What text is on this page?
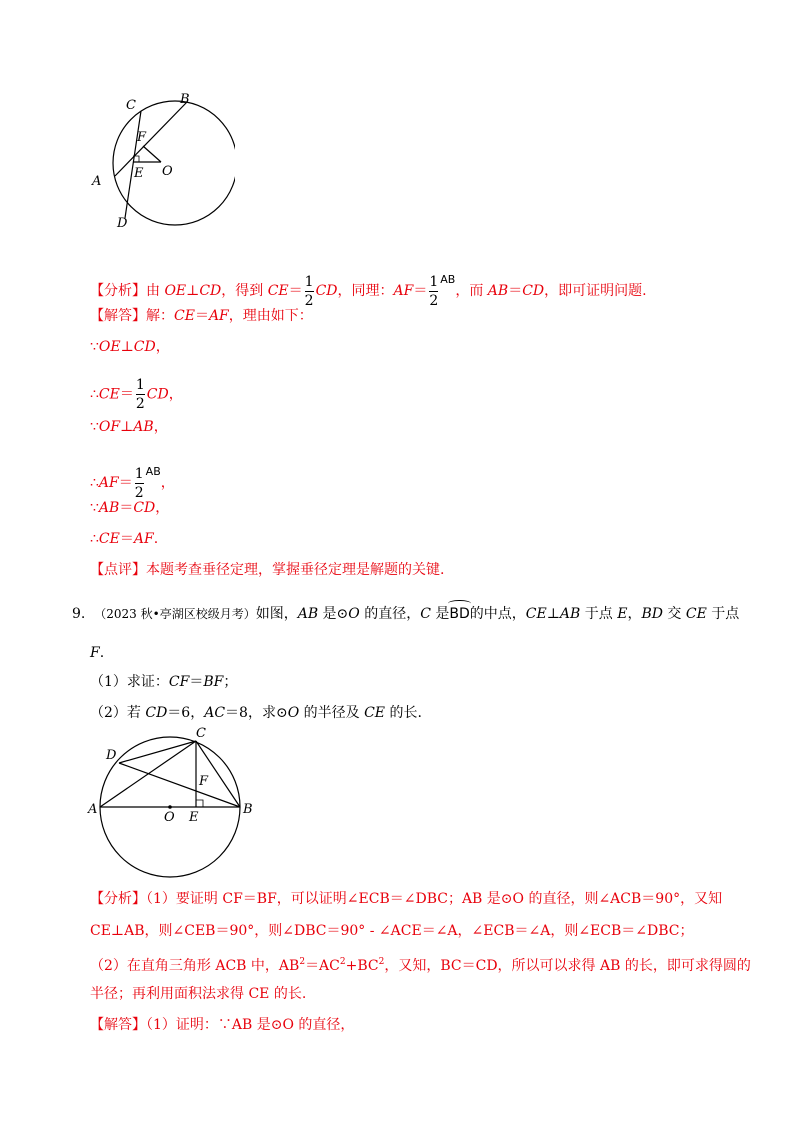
C	B
F
A
E O
D
【分析】由 OE⊥CD，得到 $CE= \frac{1}{2}$ CD，同理：$AF= \frac{1}{2} ^{AB}$，而 AB＝CD，即可证明问题.
【解答】解：CE＝AF，理由如下：
∵OE⊥CD，
∴CE＝ $\frac{1}{2}$ CD，
∵OF⊥AB，
∴AF＝ $\frac{1}{2} ^{AB}$，
∵AB＝CD，
∴CE＝AF.
【点评】本题考查垂径定理，掌握垂径定理是解题的关键.
9. （2023 秋•亭湖区校级月考）如图，AB 是⊙O 的直径，C 是BD的中点，CE⊥AB 于点 E，BD 交 CE 于点
F.
（1）求证：CF＝BF；
（2）若 CD＝6，AC＝8，求⊙O 的半径及 CE 的长.
C
D
F
A	B
O E
【分析】（1）要证明 CF＝BF，可以证明∠ECB＝∠DBC；AB 是⊙O 的直径，则∠ACB＝90°，又知
CE⊥AB，则∠CEB＝90°，则∠DBC＝90° - ∠ACE＝∠A，∠ECB＝∠A，则∠ECB＝∠DBC；
（2）在直角三角形 ACB 中，$AB^2=AC^2+BC^2$，又知，BC＝CD，所以可以求得 AB 的长，即可求得圆的
半径；再利用面积法求得 CE 的长.
【解答】（1）证明：∵AB 是⊙O 的直径，
